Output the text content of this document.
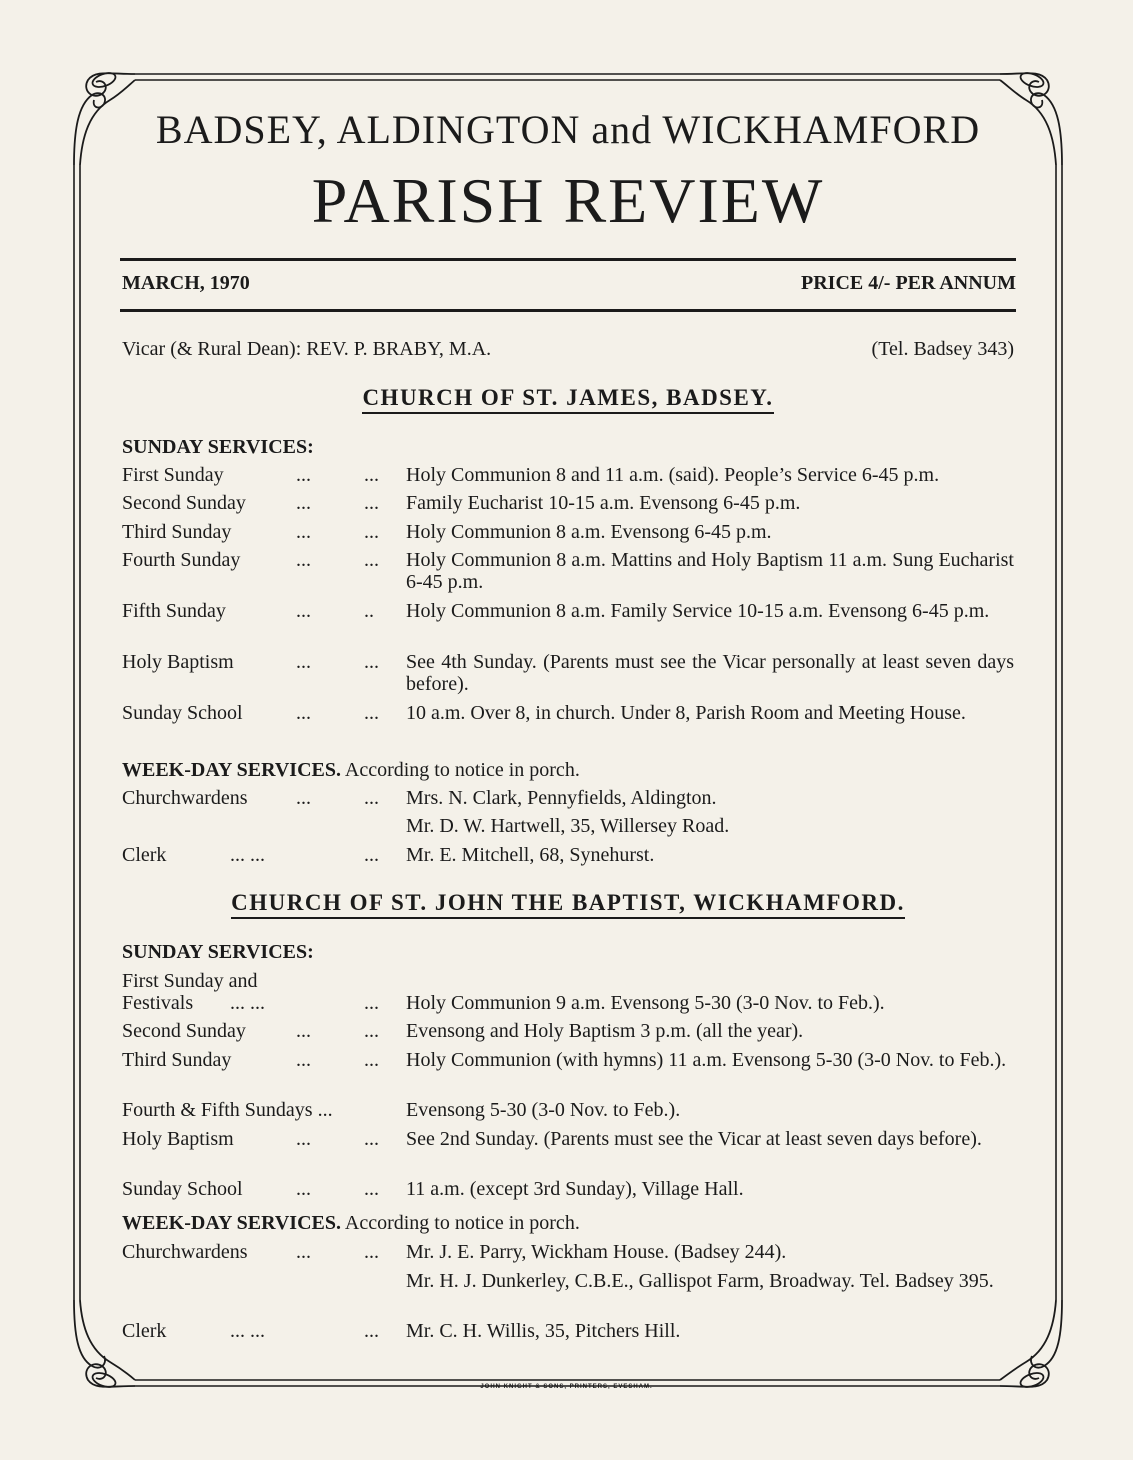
BADSEY, ALDINGTON and WICKHAMFORD
PARISH REVIEW
MARCH, 1970	PRICE 4/- PER ANNUM
Vicar (& Rural Dean): REV. P. BRABY, M.A.	(Tel. Badsey 343)
CHURCH OF ST. JAMES, BADSEY.
SUNDAY SERVICES:
First Sunday	...	... Holy Communion 8 and 11 a.m. (said). People’s Service 6-45 p.m.
Second Sunday	...	... Family Eucharist 10-15 a.m. Evensong 6-45 p.m.
Third Sunday	...	... Holy Communion 8 a.m. Evensong 6-45 p.m.
Fourth Sunday	...	... Holy Communion 8 a.m. Mattins and Holy Baptism 11 a.m. Sung Eucharist 6-45 p.m.
Fifth Sunday	...	.. Holy Communion 8 a.m. Family Service 10-15 a.m. Evensong 6-45 p.m.
Holy Baptism	...	... See 4th Sunday. (Parents must see the Vicar personally at least seven days before).
Sunday School	...	... 10 a.m. Over 8, in church. Under 8, Parish Room and Meeting House.
WEEK-DAY SERVICES. According to notice in porch.
Churchwardens ...	... Mrs. N. Clark, Pennyfields, Aldington.
Mr. D. W. Hartwell, 35, Willersey Road.
Clerk	... ...	... Mr. E. Mitchell, 68, Synehurst.
CHURCH OF ST. JOHN THE BAPTIST, WICKHAMFORD.
SUNDAY SERVICES:
First Sunday and
Festivals ... ...	... Holy Communion 9 a.m. Evensong 5-30 (3-0 Nov. to Feb.).
Second Sunday	...	... Evensong and Holy Baptism 3 p.m. (all the year).
Third Sunday	...	... Holy Communion (with hymns) 11 a.m. Evensong 5-30 (3-0 Nov. to Feb.).
Fourth & Fifth Sundays ...	Evensong 5-30 (3-0 Nov. to Feb.).
Holy Baptism	...	... See 2nd Sunday. (Parents must see the Vicar at least seven days before).
Sunday School	...	... 11 a.m. (except 3rd Sunday), Village Hall.
WEEK-DAY SERVICES. According to notice in porch.
Churchwardens ...	... Mr. J. E. Parry, Wickham House. (Badsey 244).
Mr. H. J. Dunkerley, C.B.E., Gallispot Farm, Broadway. Tel. Badsey 395.
Clerk	... ...	... Mr. C. H. Willis, 35, Pitchers Hill.
JOHN KNIGHT & SONS, PRINTERS, EVESHAM.
